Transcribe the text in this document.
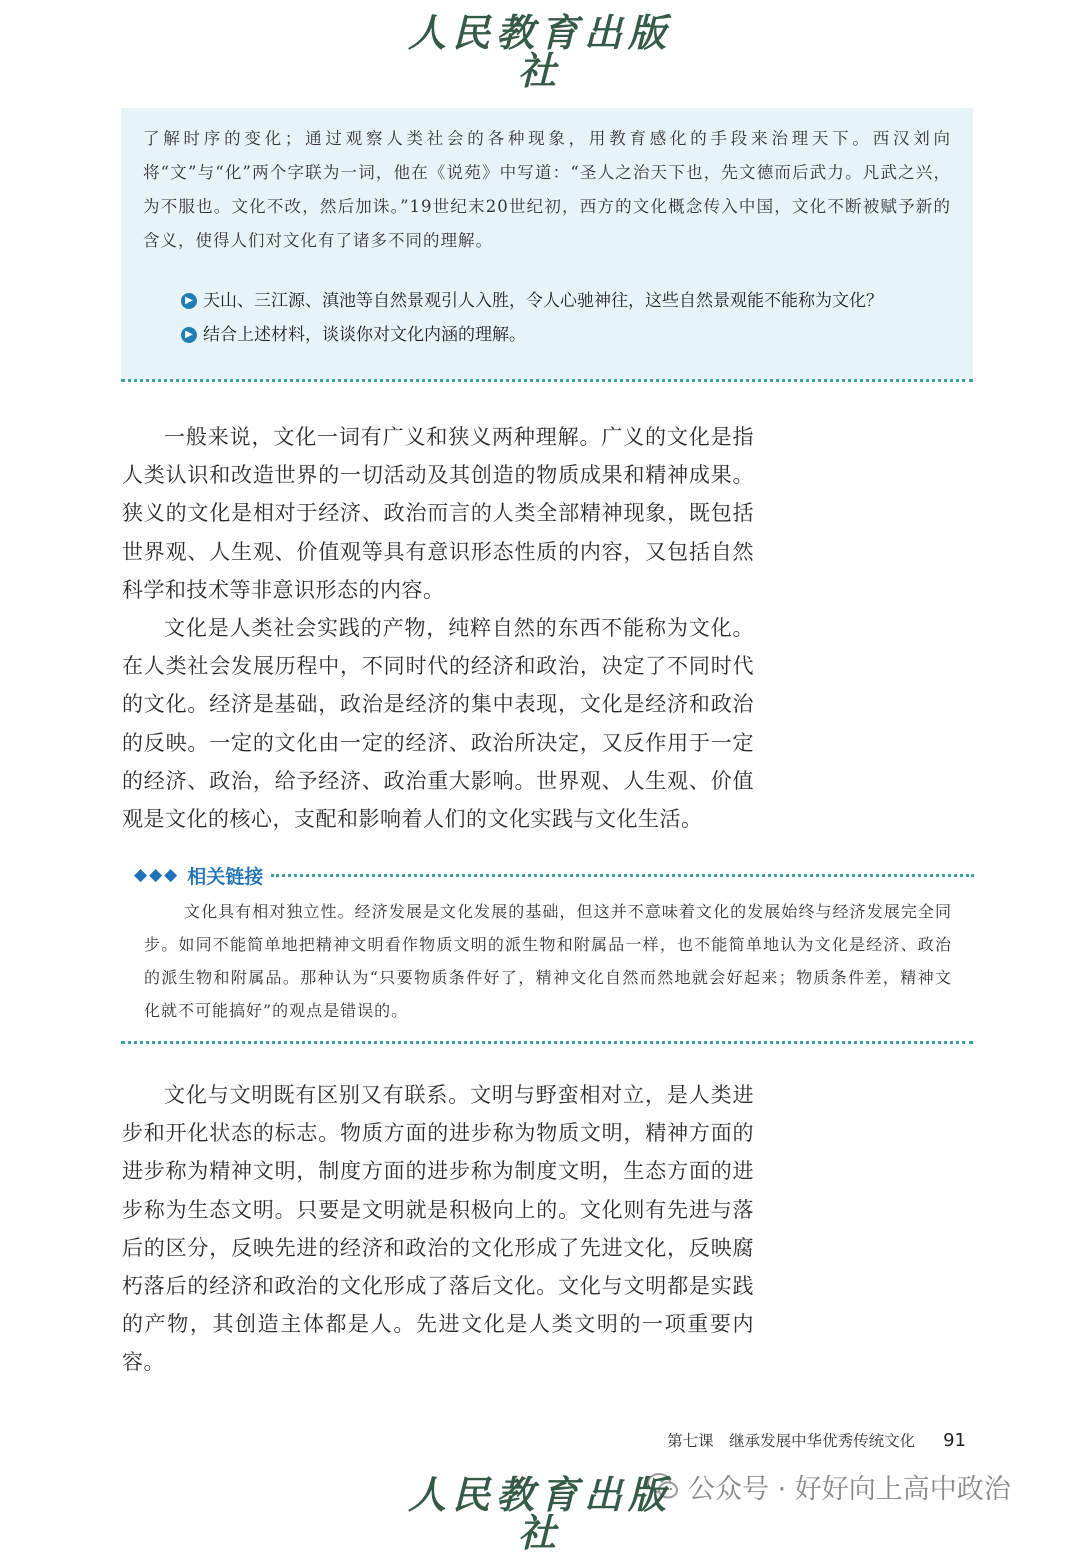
人民教育出版社

了解时序的变化；通过观察人类社会的各种现象，用教育感化的手段来治理天下。西汉刘向将“文”与“化”两个字联为一词，他在《说苑》中写道：“圣人之治天下也，先文德而后武力。凡武之兴，为不服也。文化不改，然后加诛。”19世纪末20世纪初，西方的文化概念传入中国，文化不断被赋予新的含义，使得人们对文化有了诸多不同的理解。

▶ 天山、三江源、滇池等自然景观引人入胜，令人心驰神往，这些自然景观能不能称为文化？
▶ 结合上述材料，谈谈你对文化内涵的理解。

一般来说，文化一词有广义和狭义两种理解。广义的文化是指人类认识和改造世界的一切活动及其创造的物质成果和精神成果。狭义的文化是相对于经济、政治而言的人类全部精神现象，既包括世界观、人生观、价值观等具有意识形态性质的内容，又包括自然科学和技术等非意识形态的内容。

文化是人类社会实践的产物，纯粹自然的东西不能称为文化。在人类社会发展历程中，不同时代的经济和政治，决定了不同时代的文化。经济是基础，政治是经济的集中表现，文化是经济和政治的反映。一定的文化由一定的经济、政治所决定，又反作用于一定的经济、政治，给予经济、政治重大影响。世界观、人生观、价值观是文化的核心，支配和影响着人们的文化实践与文化生活。

◆◆◆ 相关链接

文化具有相对独立性。经济发展是文化发展的基础，但这并不意味着文化的发展始终与经济发展完全同步。如同不能简单地把精神文明看作物质文明的派生物和附属品一样，也不能简单地认为文化是经济、政治的派生物和附属品。那种认为“只要物质条件好了，精神文化自然而然地就会好起来；物质条件差，精神文化就不可能搞好”的观点是错误的。

文化与文明既有区别又有联系。文明与野蛮相对立，是人类进步和开化状态的标志。物质方面的进步称为物质文明，精神方面的进步称为精神文明，制度方面的进步称为制度文明，生态方面的进步称为生态文明。只要是文明就是积极向上的。文化则有先进与落后的区分，反映先进的经济和政治的文化形成了先进文化，反映腐朽落后的经济和政治的文化形成了落后文化。文化与文明都是实践的产物，其创造主体都是人。先进文化是人类文明的一项重要内容。

第七课　继承发展中华优秀传统文化 91
公众号 · 好好向上高中政治
人民教育出版社
